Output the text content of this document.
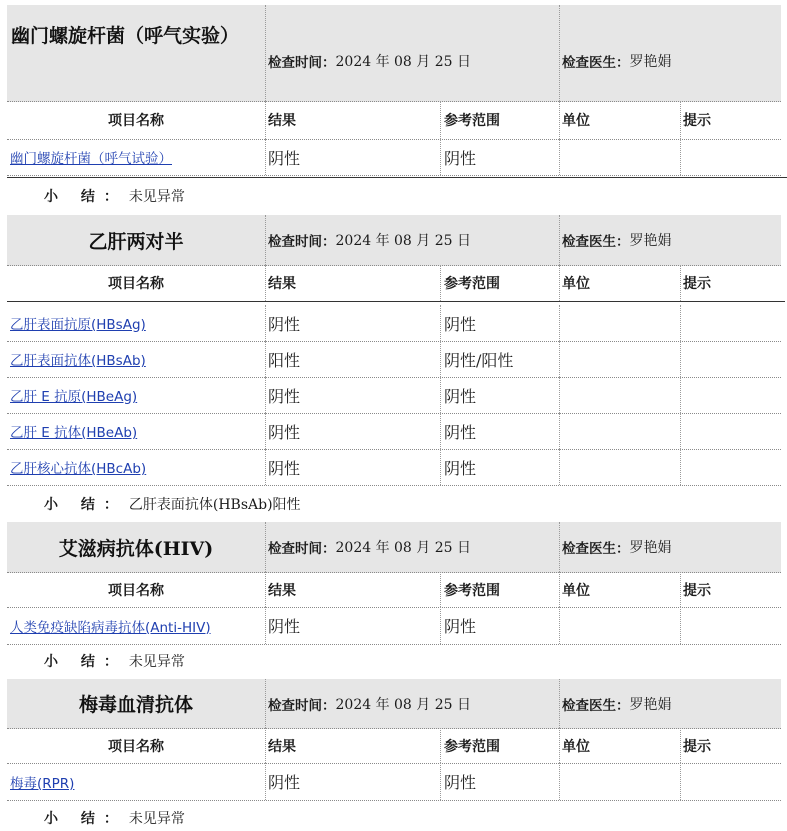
幽门螺旋杆菌（呼气实验）
检查时间： 2024 年 08 月 25 日	检查医生： 罗艳娟
项目名称	结果	参考范围	单位	提示
幽门螺旋杆菌（呼气试验）	阴性	阴性
小 结： 未见异常
乙肝两对半	检查时间： 2024 年 08 月 25 日	检查医生： 罗艳娟
项目名称	结果	参考范围	单位	提示
乙肝表面抗原(HBsAg)	阴性	阴性
乙肝表面抗体(HBsAb)	阳性	阴性/阳性
乙肝 E 抗原(HBeAg)	阴性	阴性
乙肝 E 抗体(HBeAb)	阴性	阴性
乙肝核心抗体(HBcAb)	阴性	阴性
小 结： 乙肝表面抗体(HBsAb)阳性
艾滋病抗体(HIV)	检查时间： 2024 年 08 月 25 日	检查医生： 罗艳娟
项目名称	结果	参考范围	单位	提示
人类免疫缺陷病毒抗体(Anti-HIV)	阴性	阴性
小 结： 未见异常
梅毒血清抗体	检查时间： 2024 年 08 月 25 日	检查医生： 罗艳娟
项目名称	结果	参考范围	单位	提示
梅毒(RPR)	阴性	阴性
小 结： 未见异常
